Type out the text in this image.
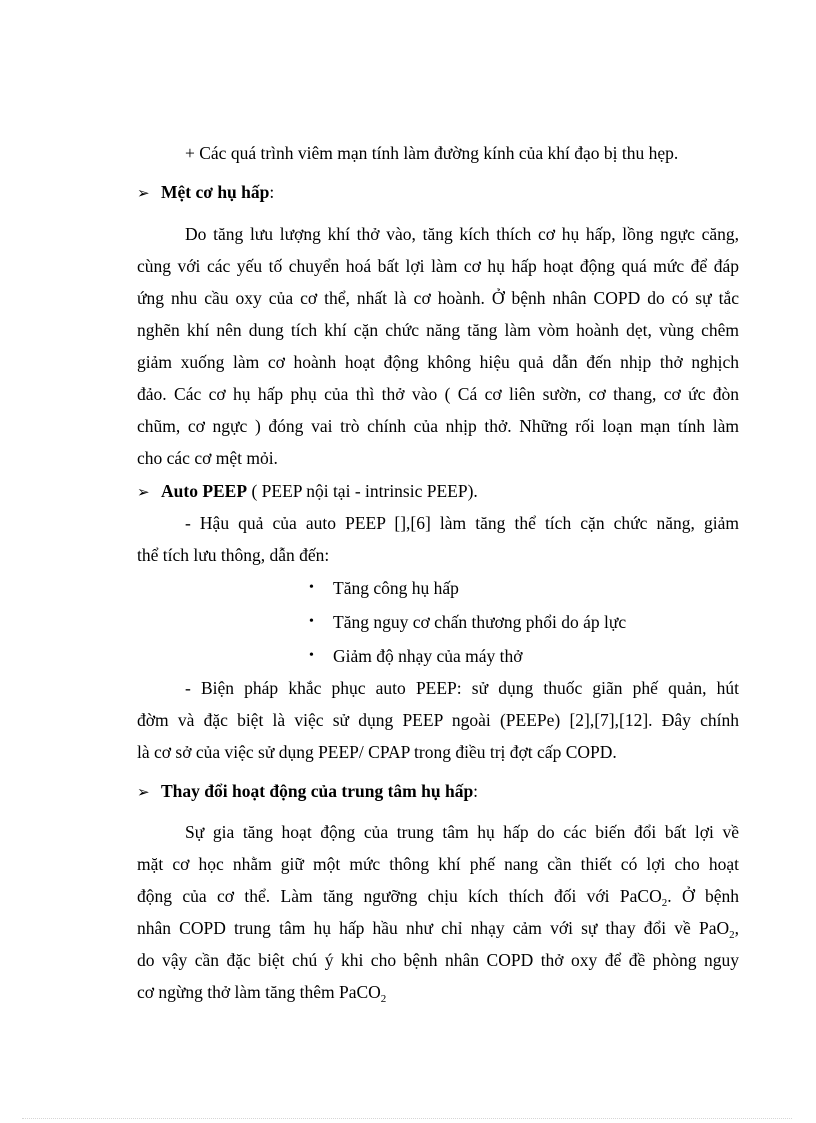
+ Các quá trình viêm mạn tính làm đường kính của khí đạo bị thu hẹp.
➢ Mệt cơ hụ hấp:
Do tăng lưu lượng khí thở vào, tăng kích thích cơ hụ hấp, lồng ngực căng,
cùng với các yếu tố chuyển hoá bất lợi làm cơ hụ hấp hoạt động quá mức để đáp
ứng nhu cầu oxy của cơ thể, nhất là cơ hoành. Ở bệnh nhân COPD do có sự tắc
nghẽn khí nên dung tích khí cặn chức năng tăng làm vòm hoành dẹt, vùng chêm
giảm xuống làm cơ hoành hoạt động không hiệu quả dẫn đến nhịp thở nghịch
đảo. Các cơ hụ hấp phụ của thì thở vào ( Cá cơ liên sườn, cơ thang, cơ ức đòn
chũm, cơ ngực ) đóng vai trò chính của nhịp thở. Những rối loạn mạn tính làm
cho các cơ mệt mỏi.
➢ Auto PEEP ( PEEP nội tại - intrinsic PEEP).
- Hậu quả của auto PEEP [],[6] làm tăng thể tích cặn chức năng, giảm
thể tích lưu thông, dẫn đến:
• Tăng công hụ hấp
• Tăng nguy cơ chấn thương phổi do áp lực
• Giảm độ nhạy của máy thở
- Biện pháp khắc phục auto PEEP: sử dụng thuốc giãn phế quản, hút
đờm và đặc biệt là việc sử dụng PEEP ngoài (PEEPe) [2],[7],[12]. Đây chính
là cơ sở của việc sử dụng PEEP/ CPAP trong điều trị đợt cấp COPD.
➢ Thay đổi hoạt động của trung tâm hụ hấp:
Sự gia tăng hoạt động của trung tâm hụ hấp do các biến đổi bất lợi về
mặt cơ học nhằm giữ một mức thông khí phế nang cần thiết có lợi cho hoạt
động của cơ thể. Làm tăng ngưỡng chịu kích thích đối với PaCO$_2$. Ở bệnh
nhân COPD trung tâm hụ hấp hầu như chỉ nhạy cảm với sự thay đổi về PaO$_2$,
do vậy cần đặc biệt chú ý khi cho bệnh nhân COPD thở oxy để đề phòng nguy
cơ ngừng thở làm tăng thêm PaCO$_2$
